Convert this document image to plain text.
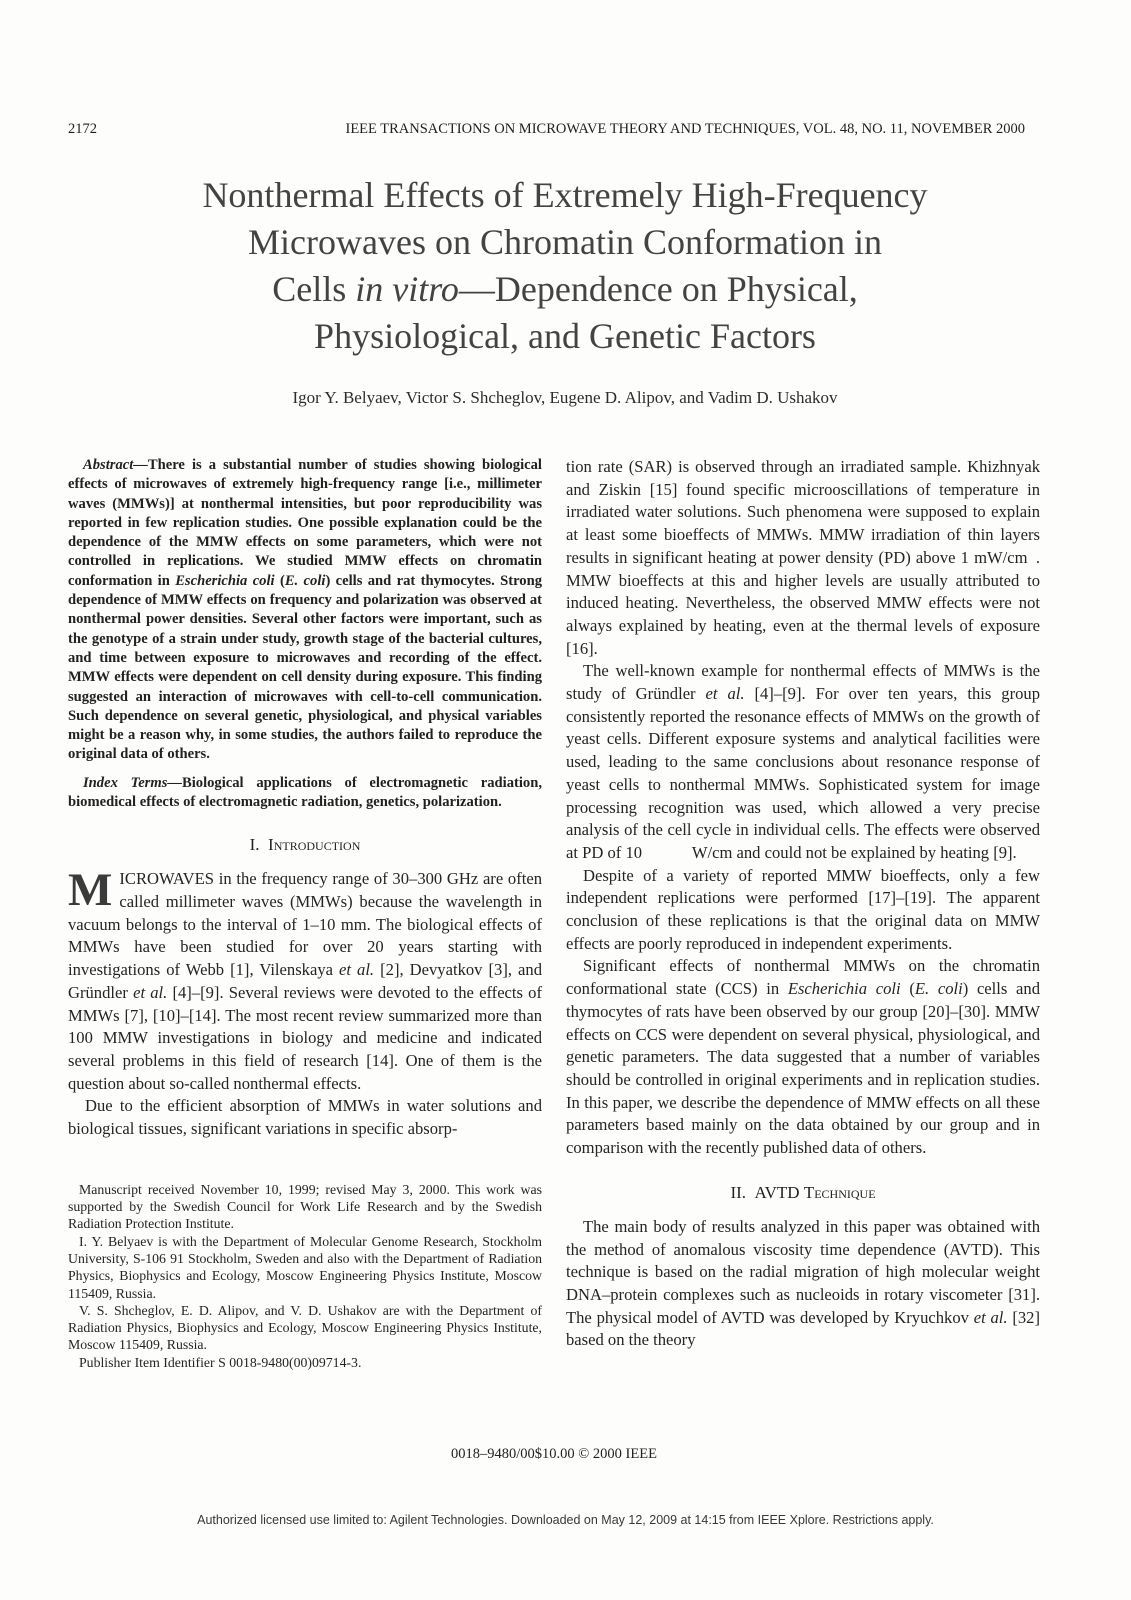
2172	IEEE TRANSACTIONS ON MICROWAVE THEORY AND TECHNIQUES, VOL. 48, NO. 11, NOVEMBER 2000
Nonthermal Effects of Extremely High-Frequency
Microwaves on Chromatin Conformation in
Cells in vitro—Dependence on Physical,
Physiological, and Genetic Factors
Igor Y. Belyaev, Victor S. Shcheglov, Eugene D. Alipov, and Vadim D. Ushakov

Abstract—There is a substantial number of studies showing biological effects of microwaves of extremely high-frequency range [i.e., millimeter waves (MMWs)] at nonthermal intensities, but poor reproducibility was reported in few replication studies. One possible explanation could be the dependence of the MMW effects on some parameters, which were not controlled in replications. We studied MMW effects on chromatin conformation in Escherichia coli (E. coli) cells and rat thymocytes. Strong dependence of MMW effects on frequency and polarization was observed at nonthermal power densities. Several other factors were important, such as the genotype of a strain under study, growth stage of the bacterial cultures, and time between exposure to microwaves and recording of the effect. MMW effects were dependent on cell density during exposure. This finding suggested an interaction of microwaves with cell-to-cell communication. Such dependence on several genetic, physiological, and physical variables might be a reason why, in some studies, the authors failed to reproduce the original data of others.

Index Terms—Biological applications of electromagnetic radiation, biomedical effects of electromagnetic radiation, genetics, polarization.

I. Introduction

MICROWAVES in the frequency range of 30–300 GHz are often called millimeter waves (MMWs) because the wavelength in vacuum belongs to the interval of 1–10 mm. The biological effects of MMWs have been studied for over 20 years starting with investigations of Webb [1], Vilenskaya et al. [2], Devyatkov [3], and Gründler et al. [4]–[9]. Several reviews were devoted to the effects of MMWs [7], [10]–[14]. The most recent review summarized more than 100 MMW investigations in biology and medicine and indicated several problems in this field of research [14]. One of them is the question about so-called nonthermal effects.

Due to the efficient absorption of MMWs in water solutions and biological tissues, significant variations in specific absorp-

Manuscript received November 10, 1999; revised May 3, 2000. This work was supported by the Swedish Council for Work Life Research and by the Swedish Radiation Protection Institute.

I. Y. Belyaev is with the Department of Molecular Genome Research, Stockholm University, S-106 91 Stockholm, Sweden and also with the Department of Radiation Physics, Biophysics and Ecology, Moscow Engineering Physics Institute, Moscow 115409, Russia.

V. S. Shcheglov, E. D. Alipov, and V. D. Ushakov are with the Department of Radiation Physics, Biophysics and Ecology, Moscow Engineering Physics Institute, Moscow 115409, Russia.

Publisher Item Identifier S 0018-9480(00)09714-3.

tion rate (SAR) is observed through an irradiated sample. Khizhnyak and Ziskin [15] found specific microoscillations of temperature in irradiated water solutions. Such phenomena were supposed to explain at least some bioeffects of MMWs. MMW irradiation of thin layers results in significant heating at power density (PD) above 1 mW/cm . MMW bioeffects at this and higher levels are usually attributed to induced heating. Nevertheless, the observed MMW effects were not always explained by heating, even at the thermal levels of exposure [16].

The well-known example for nonthermal effects of MMWs is the study of Gründler et al. [4]–[9]. For over ten years, this group consistently reported the resonance effects of MMWs on the growth of yeast cells. Different exposure systems and analytical facilities were used, leading to the same conclusions about resonance response of yeast cells to nonthermal MMWs. Sophisticated system for image processing recognition was used, which allowed a very precise analysis of the cell cycle in individual cells. The effects were observed at PD of 10   W/cm and could not be explained by heating [9].

Despite of a variety of reported MMW bioeffects, only a few independent replications were performed [17]–[19]. The apparent conclusion of these replications is that the original data on MMW effects are poorly reproduced in independent experiments.

Significant effects of nonthermal MMWs on the chromatin conformational state (CCS) in Escherichia coli (E. coli) cells and thymocytes of rats have been observed by our group [20]–[30]. MMW effects on CCS were dependent on several physical, physiological, and genetic parameters. The data suggested that a number of variables should be controlled in original experiments and in replication studies. In this paper, we describe the dependence of MMW effects on all these parameters based mainly on the data obtained by our group and in comparison with the recently published data of others.

II. AVTD Technique

The main body of results analyzed in this paper was obtained with the method of anomalous viscosity time dependence (AVTD). This technique is based on the radial migration of high molecular weight DNA–protein complexes such as nucleoids in rotary viscometer [31]. The physical model of AVTD was developed by Kryuchkov et al. [32] based on the theory

0018–9480/00$10.00 © 2000 IEEE
Authorized licensed use limited to: Agilent Technologies. Downloaded on May 12, 2009 at 14:15 from IEEE Xplore. Restrictions apply.
